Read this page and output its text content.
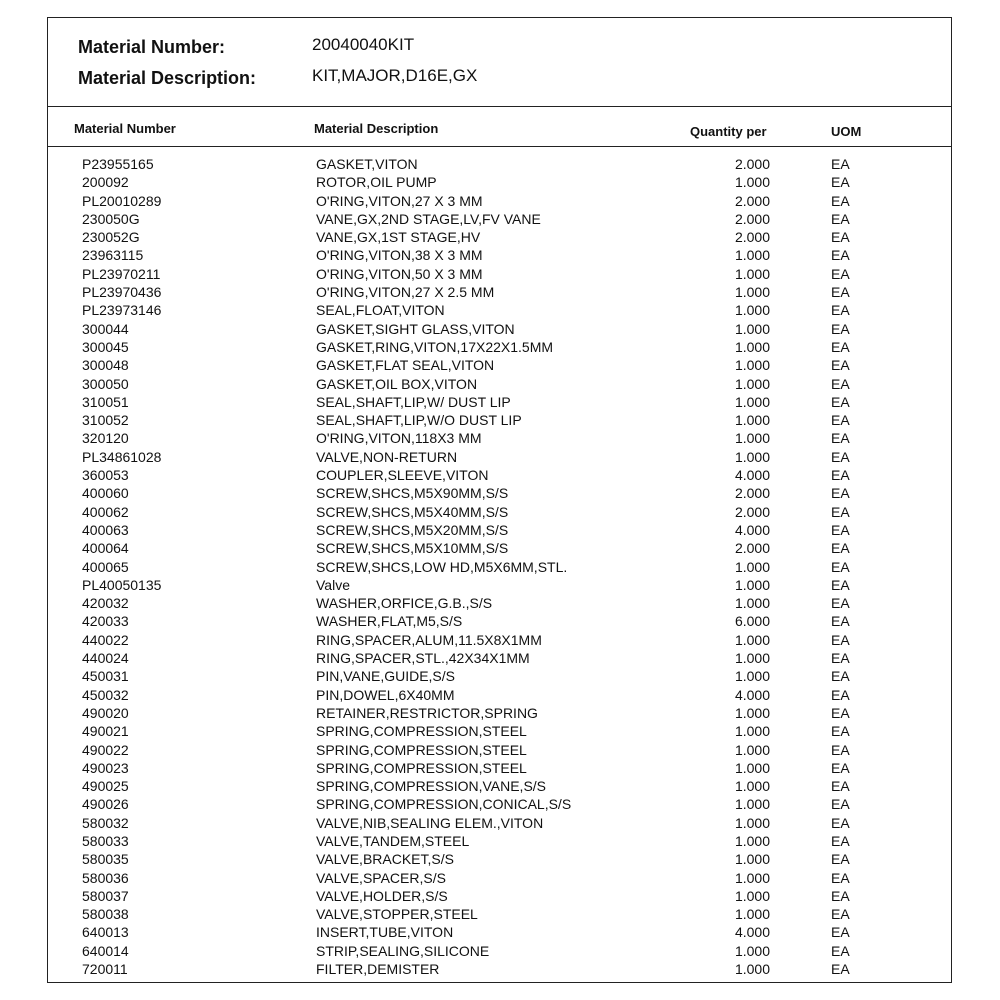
Material Number:	20040040KIT
Material Description:	KIT,MAJOR,D16E,GX
Material Number	Material Description	Quantity per	UOM
P23955165	GASKET,VITON	2.000	EA
200092	ROTOR,OIL PUMP	1.000	EA
PL20010289	O'RING,VITON,27 X 3 MM	2.000	EA
230050G	VANE,GX,2ND STAGE,LV,FV VANE	2.000	EA
230052G	VANE,GX,1ST STAGE,HV	2.000	EA
23963115	O'RING,VITON,38 X 3 MM	1.000	EA
PL23970211	O'RING,VITON,50 X 3 MM	1.000	EA
PL23970436	O'RING,VITON,27 X 2.5 MM	1.000	EA
PL23973146	SEAL,FLOAT,VITON	1.000	EA
300044	GASKET,SIGHT GLASS,VITON	1.000	EA
300045	GASKET,RING,VITON,17X22X1.5MM	1.000	EA
300048	GASKET,FLAT SEAL,VITON	1.000	EA
300050	GASKET,OIL BOX,VITON	1.000	EA
310051	SEAL,SHAFT,LIP,W/ DUST LIP	1.000	EA
310052	SEAL,SHAFT,LIP,W/O DUST LIP	1.000	EA
320120	O'RING,VITON,118X3 MM	1.000	EA
PL34861028	VALVE,NON-RETURN	1.000	EA
360053	COUPLER,SLEEVE,VITON	4.000	EA
400060	SCREW,SHCS,M5X90MM,S/S	2.000	EA
400062	SCREW,SHCS,M5X40MM,S/S	2.000	EA
400063	SCREW,SHCS,M5X20MM,S/S	4.000	EA
400064	SCREW,SHCS,M5X10MM,S/S	2.000	EA
400065	SCREW,SHCS,LOW HD,M5X6MM,STL.	1.000	EA
PL40050135	Valve	1.000	EA
420032	WASHER,ORFICE,G.B.,S/S	1.000	EA
420033	WASHER,FLAT,M5,S/S	6.000	EA
440022	RING,SPACER,ALUM,11.5X8X1MM	1.000	EA
440024	RING,SPACER,STL.,42X34X1MM	1.000	EA
450031	PIN,VANE,GUIDE,S/S	1.000	EA
450032	PIN,DOWEL,6X40MM	4.000	EA
490020	RETAINER,RESTRICTOR,SPRING	1.000	EA
490021	SPRING,COMPRESSION,STEEL	1.000	EA
490022	SPRING,COMPRESSION,STEEL	1.000	EA
490023	SPRING,COMPRESSION,STEEL	1.000	EA
490025	SPRING,COMPRESSION,VANE,S/S	1.000	EA
490026	SPRING,COMPRESSION,CONICAL,S/S	1.000	EA
580032	VALVE,NIB,SEALING ELEM.,VITON	1.000	EA
580033	VALVE,TANDEM,STEEL	1.000	EA
580035	VALVE,BRACKET,S/S	1.000	EA
580036	VALVE,SPACER,S/S	1.000	EA
580037	VALVE,HOLDER,S/S	1.000	EA
580038	VALVE,STOPPER,STEEL	1.000	EA
640013	INSERT,TUBE,VITON	4.000	EA
640014	STRIP,SEALING,SILICONE	1.000	EA
720011	FILTER,DEMISTER	1.000	EA
